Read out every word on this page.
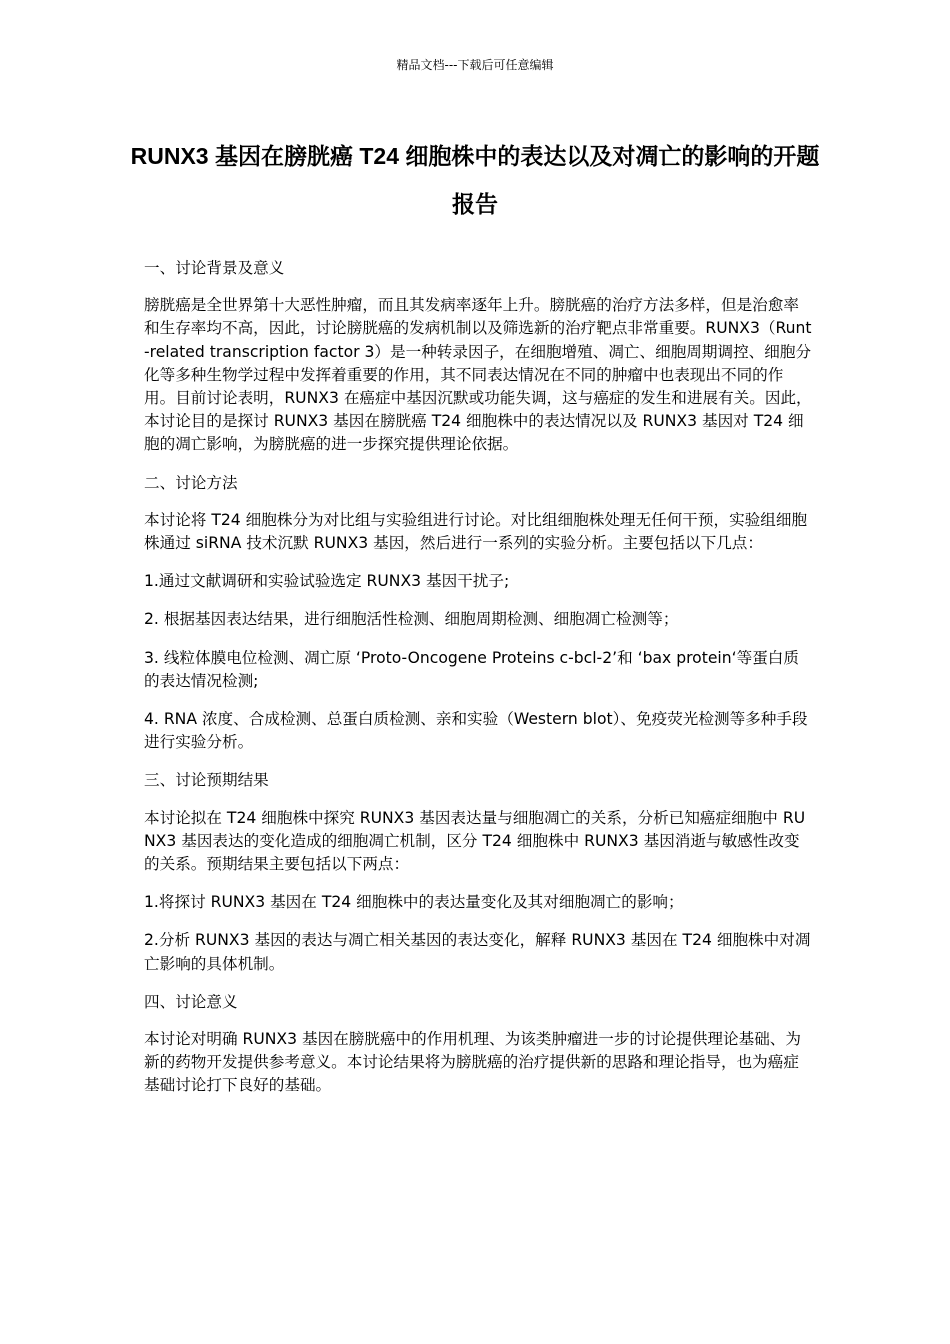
精品文档---下载后可任意编辑
RUNX3 基因在膀胱癌 T24 细胞株中的表达以及对凋亡的影响的开题报告

一、讨论背景及意义

膀胱癌是全世界第十大恶性肿瘤，而且其发病率逐年上升。膀胱癌的治疗方法多样，但是治愈率和生存率均不高，因此，讨论膀胱癌的发病机制以及筛选新的治疗靶点非常重要。RUNX3（Runt-related transcription factor 3）是一种转录因子，在细胞增殖、凋亡、细胞周期调控、细胞分化等多种生物学过程中发挥着重要的作用，其不同表达情况在不同的肿瘤中也表现出不同的作用。目前讨论表明，RUNX3 在癌症中基因沉默或功能失调，这与癌症的发生和进展有关。因此，本讨论目的是探讨 RUNX3 基因在膀胱癌 T24 细胞株中的表达情况以及 RUNX3 基因对 T24 细胞的凋亡影响，为膀胱癌的进一步探究提供理论依据。

二、讨论方法

本讨论将 T24 细胞株分为对比组与实验组进行讨论。对比组细胞株处理无任何干预，实验组细胞株通过 siRNA 技术沉默 RUNX3 基因，然后进行一系列的实验分析。主要包括以下几点：

1.通过文献调研和实验试验选定 RUNX3 基因干扰子;

2. 根据基因表达结果，进行细胞活性检测、细胞周期检测、细胞凋亡检测等；

3. 线粒体膜电位检测、凋亡原 ‘Proto-Oncogene Proteins c-bcl-2’和 ‘bax protein‘等蛋白质的表达情况检测;

4. RNA 浓度、合成检测、总蛋白质检测、亲和实验（Western blot）、免疫荧光检测等多种手段进行实验分析。

三、讨论预期结果

本讨论拟在 T24 细胞株中探究 RUNX3 基因表达量与细胞凋亡的关系，分析已知癌症细胞中 RUNX3 基因表达的变化造成的细胞凋亡机制，区分 T24 细胞株中 RUNX3 基因消逝与敏感性改变的关系。预期结果主要包括以下两点：

1.将探讨 RUNX3 基因在 T24 细胞株中的表达量变化及其对细胞凋亡的影响；

2.分析 RUNX3 基因的表达与凋亡相关基因的表达变化，解释 RUNX3 基因在 T24 细胞株中对凋亡影响的具体机制。

四、讨论意义

本讨论对明确 RUNX3 基因在膀胱癌中的作用机理、为该类肿瘤进一步的讨论提供理论基础、为新的药物开发提供参考意义。本讨论结果将为膀胱癌的治疗提供新的思路和理论指导，也为癌症基础讨论打下良好的基础。
